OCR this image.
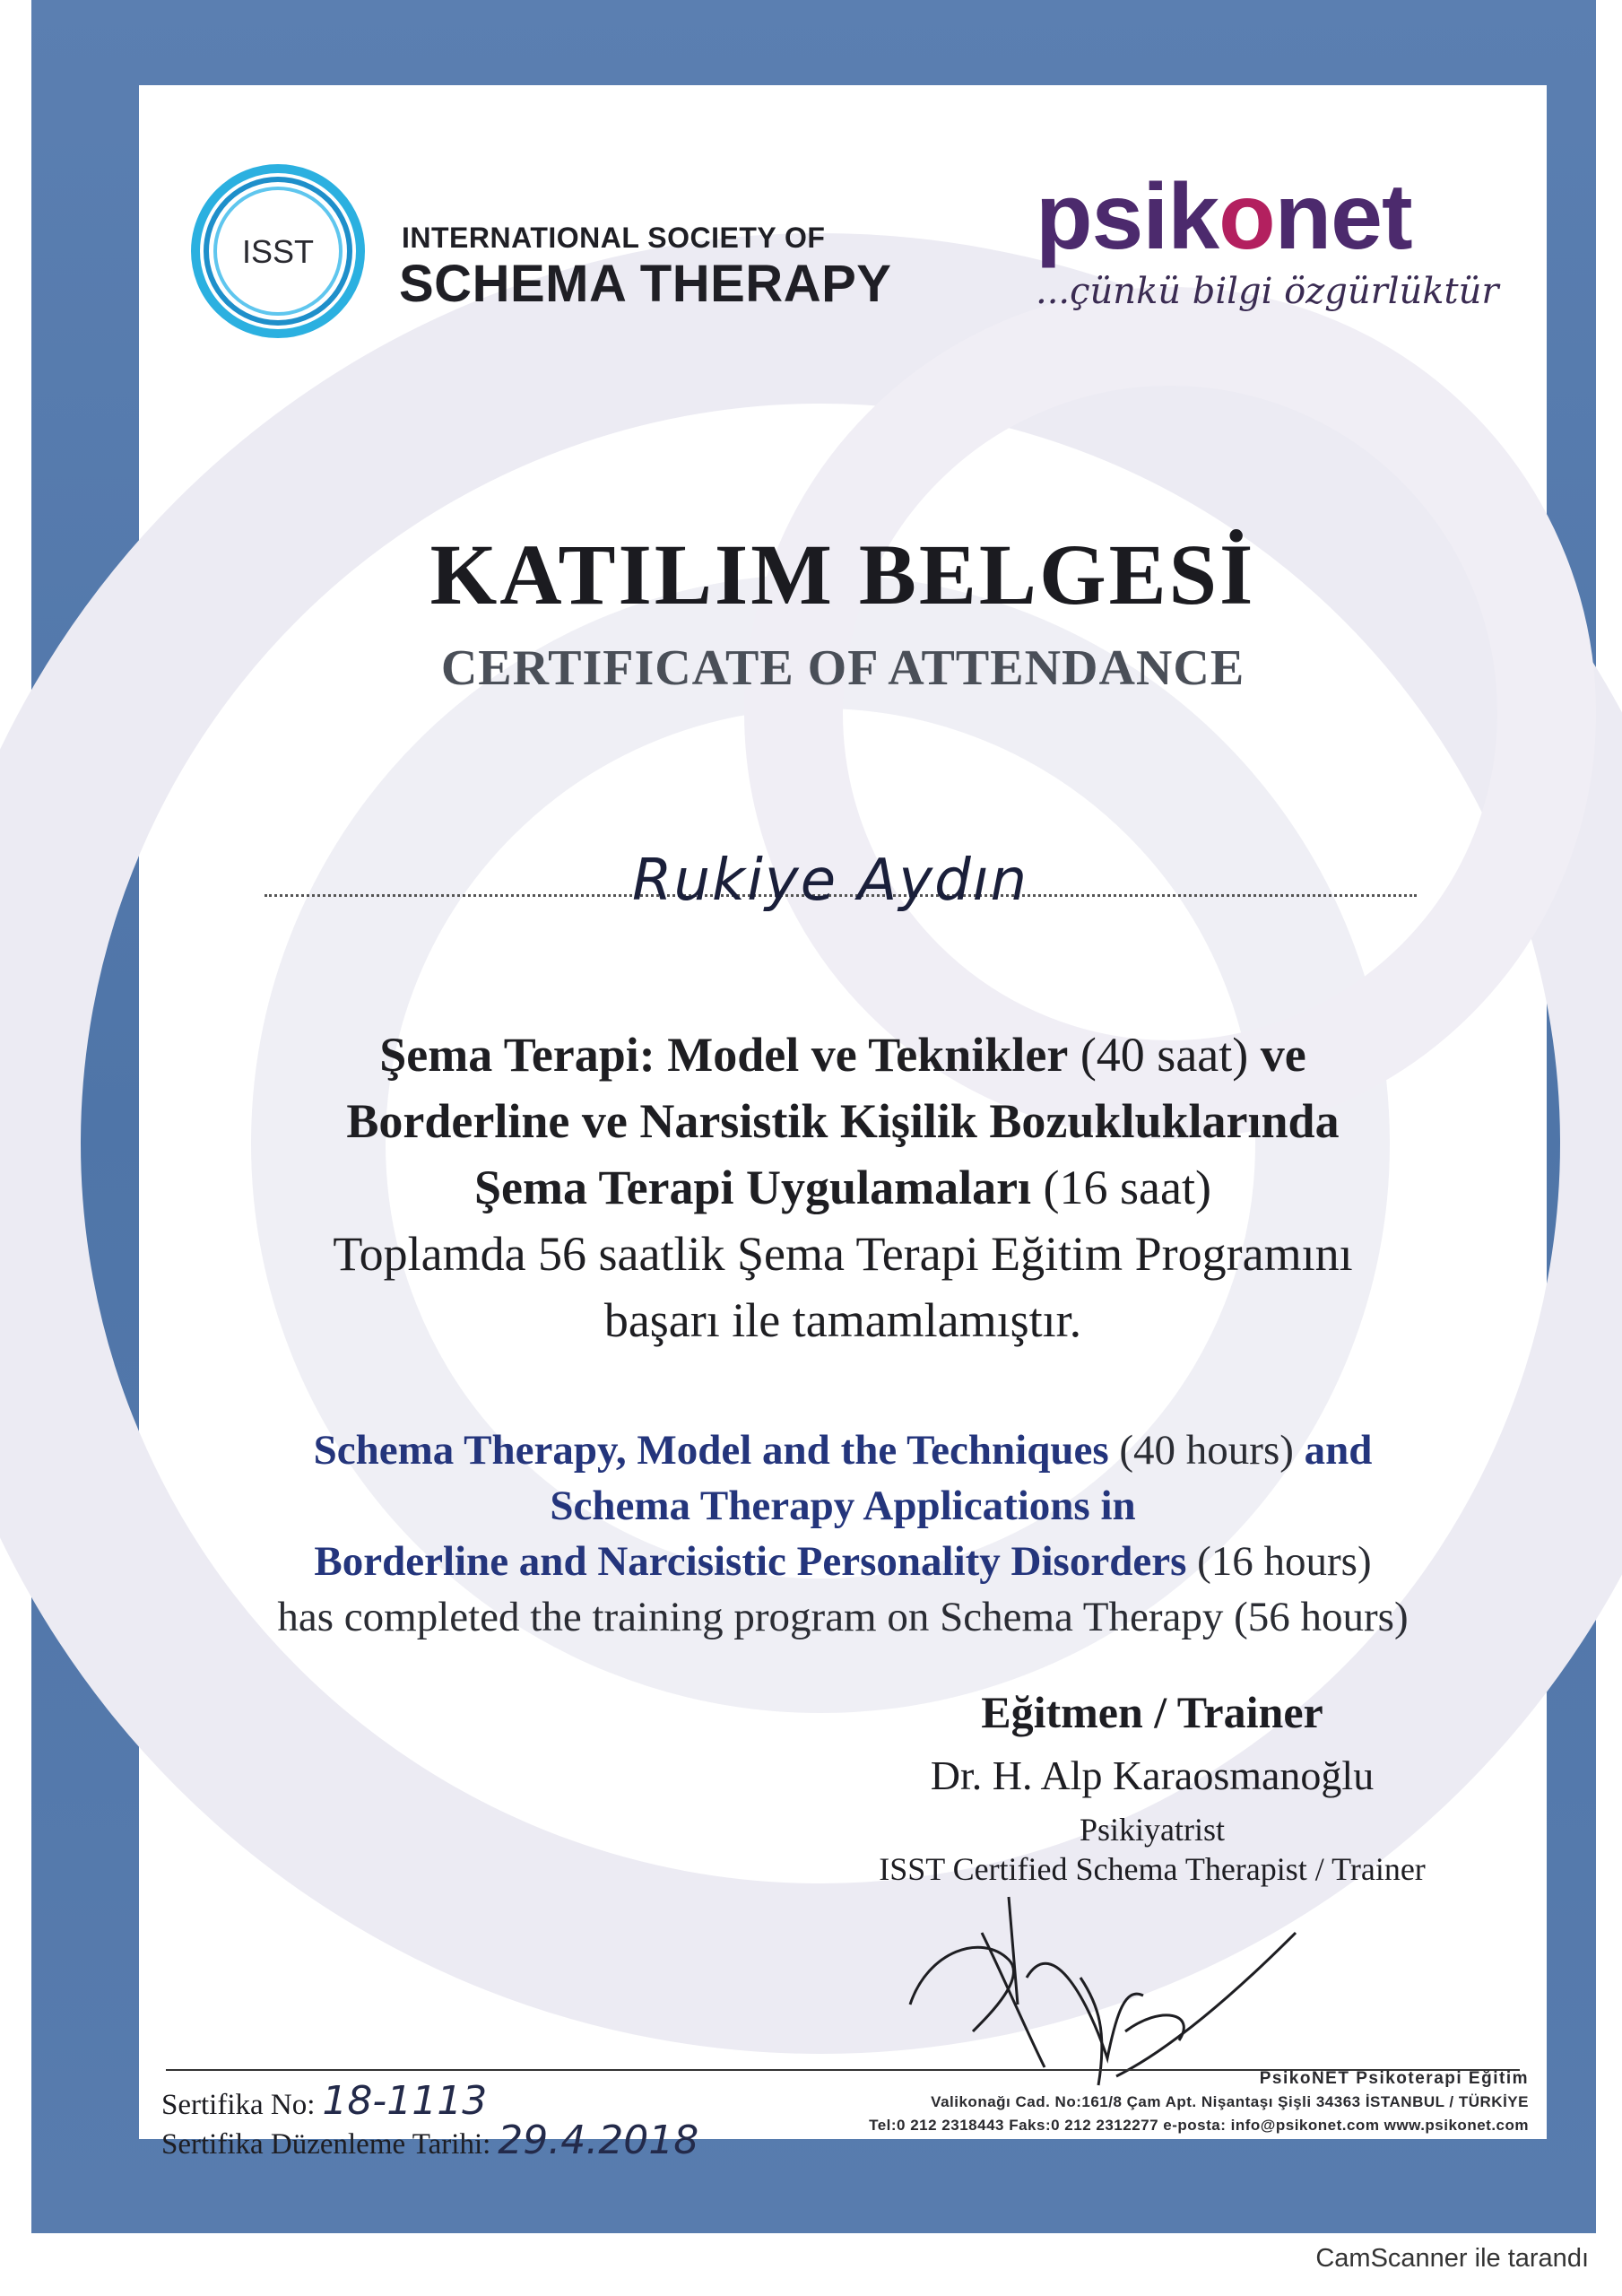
ISST	INTERNATIONAL SOCIETY OF
SCHEMA THERAPY
psikonet
...çünkü bilgi özgürlüktür
KATILIM BELGESİ
CERTIFICATE OF ATTENDANCE
Rukiye Aydın
Şema Terapi: Model ve Teknikler (40 saat) ve
Borderline ve Narsistik Kişilik Bozukluklarında
Şema Terapi Uygulamaları (16 saat)
Toplamda 56 saatlik Şema Terapi Eğitim Programını
başarı ile tamamlamıştır.
Schema Therapy, Model and the Techniques (40 hours) and
Schema Therapy Applications in
Borderline and Narcisistic Personality Disorders (16 hours)
has completed the training program on Schema Therapy (56 hours)
Eğitmen / Trainer
Dr. H. Alp Karaosmanoğlu
Psikiyatrist
ISST Certified Schema Therapist / Trainer
Sertifika No: 18-1113
Sertifika Düzenleme Tarihi: 29.4.2018
PsikoNET Psikoterapi Eğitim
Valikonağı Cad. No:161/8 Çam Apt. Nişantaşı Şişli 34363 İSTANBUL / TÜRKİYE
Tel:0 212 2318443 Faks:0 212 2312277 e-posta: info@psikonet.com www.psikonet.com
CamScanner ile tarandı
